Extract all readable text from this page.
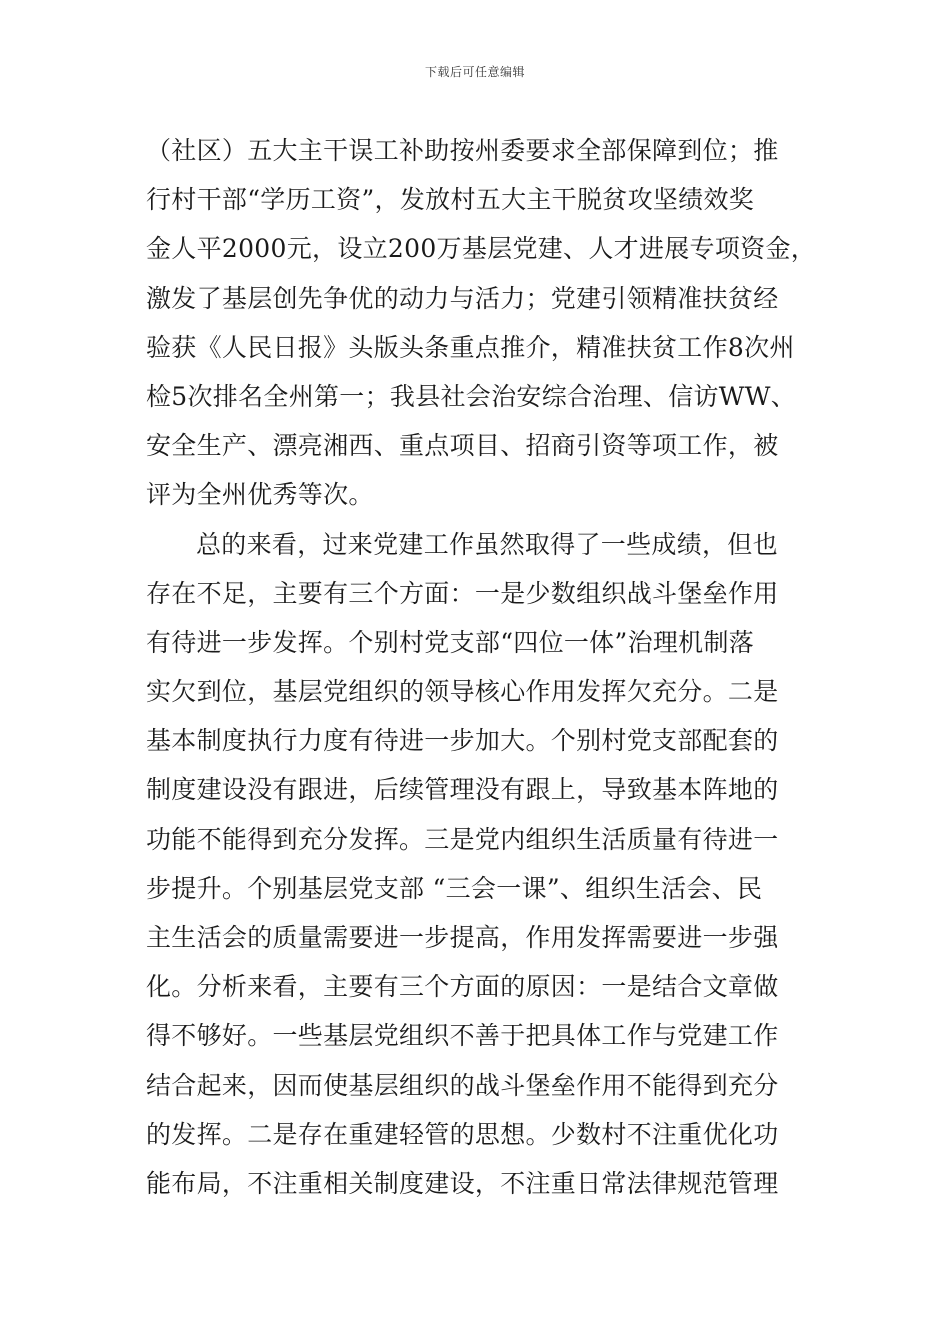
下载后可任意编辑
（社区）五大主干误工补助按州委要求全部保障到位；推
行村干部“学历工资”，发放村五大主干脱贫攻坚绩效奖
金人平2000元，设立200万基层党建、人才进展专项资金，
激发了基层创先争优的动力与活力；党建引领精准扶贫经
验获《人民日报》头版头条重点推介，精准扶贫工作8次州
检5次排名全州第一；我县社会治安综合治理、信访WW、
安全生产、漂亮湘西、重点项目、招商引资等项工作，被
评为全州优秀等次。
总的来看，过来党建工作虽然取得了一些成绩，但也
存在不足，主要有三个方面：一是少数组织战斗堡垒作用
有待进一步发挥。个别村党支部“四位一体”治理机制落
实欠到位，基层党组织的领导核心作用发挥欠充分。二是
基本制度执行力度有待进一步加大。个别村党支部配套的
制度建设没有跟进，后续管理没有跟上，导致基本阵地的
功能不能得到充分发挥。三是党内组织生活质量有待进一
步提升。个别基层党支部 “三会一课”、组织生活会、民
主生活会的质量需要进一步提高，作用发挥需要进一步强
化。分析来看，主要有三个方面的原因：一是结合文章做
得不够好。一些基层党组织不善于把具体工作与党建工作
结合起来，因而使基层组织的战斗堡垒作用不能得到充分
的发挥。二是存在重建轻管的思想。少数村不注重优化功
能布局，不注重相关制度建设，不注重日常法律规范管理
